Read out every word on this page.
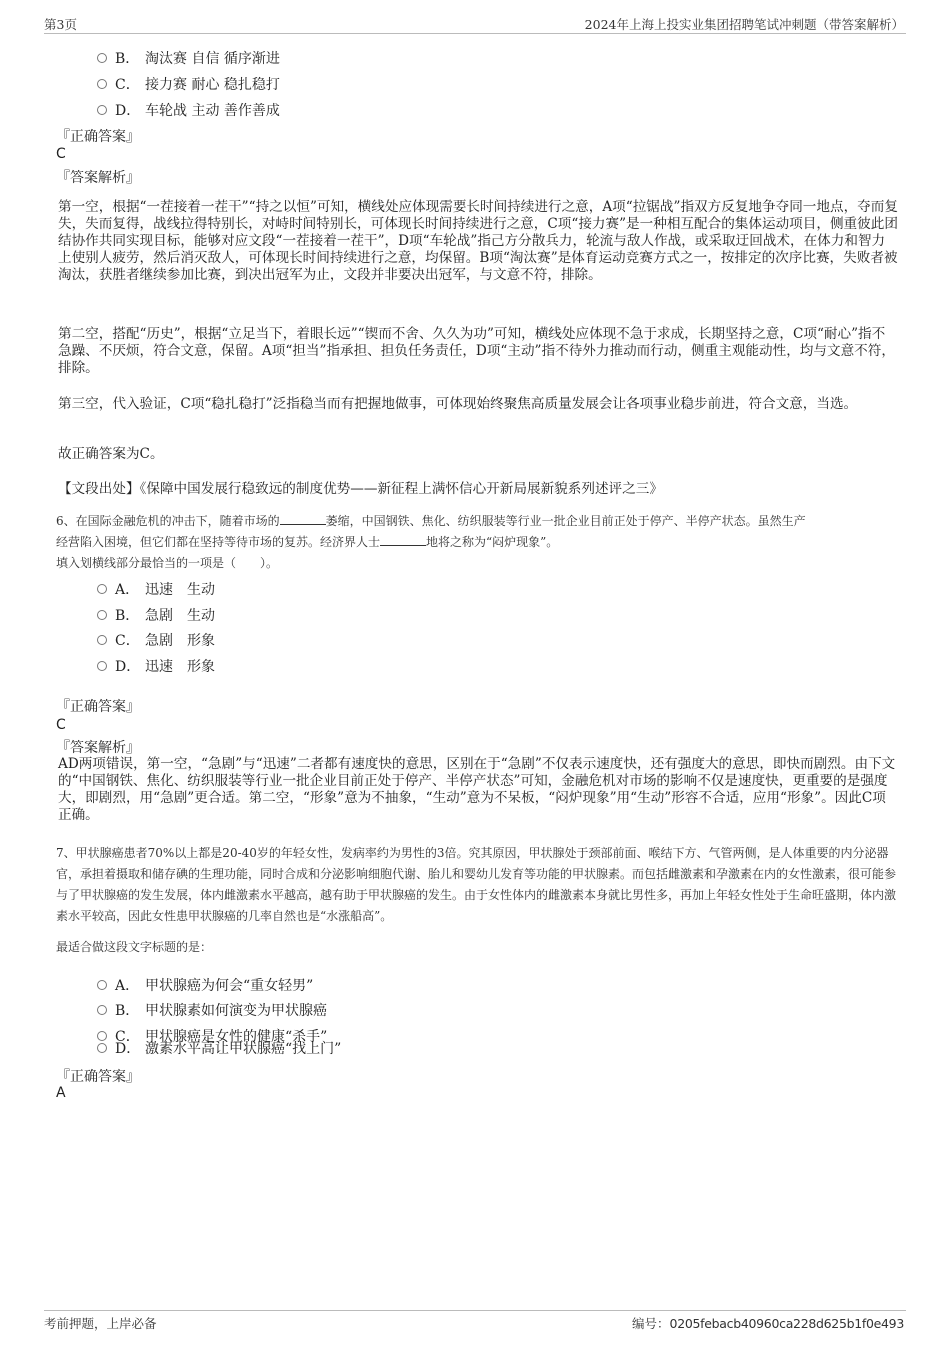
第3页	2024年上海上投实业集团招聘笔试冲刺题（带答案解析）
B． 淘汰赛 自信 循序渐进
C． 接力赛 耐心 稳扎稳打
D． 车轮战 主动 善作善成
『正确答案』
C
『答案解析』
第一空，根据“一茬接着一茬干”“持之以恒”可知，横线处应体现需要长时间持续进行之意，A项“拉锯战”指双方反复地争夺同一地点，夺而复失，失而复得，战线拉得特别长，对峙时间特别长，可体现长时间持续进行之意，C项“接力赛”是一种相互配合的集体运动项目，侧重彼此团结协作共同实现目标，能够对应文段“一茬接着一茬干”，D项“车轮战”指己方分散兵力，轮流与敌人作战，或采取迂回战术，在体力和智力上使别人疲劳，然后消灭敌人，可体现长时间持续进行之意，均保留。B项“淘汰赛”是体育运动竞赛方式之一，按排定的次序比赛，失败者被淘汰，获胜者继续参加比赛，到决出冠军为止，文段并非要决出冠军，与文意不符，排除。
第二空，搭配“历史”，根据“立足当下，着眼长远”“锲而不舍、久久为功”可知，横线处应体现不急于求成，长期坚持之意，C项“耐心”指不急躁、不厌烦，符合文意，保留。A项“担当”指承担、担负任务责任，D项“主动”指不待外力推动而行动，侧重主观能动性，均与文意不符，排除。
第三空，代入验证，C项“稳扎稳打”泛指稳当而有把握地做事，可体现始终聚焦高质量发展会让各项事业稳步前进，符合文意，当选。
故正确答案为C。
【文段出处】《保障中国发展行稳致远的制度优势——新征程上满怀信心开新局展新貌系列述评之三》
6、在国际金融危机的冲击下，随着市场的	萎缩，中国钢铁、焦化、纺织服装等行业一批企业目前正处于停产、半停产状态。虽然生产
经营陷入困境，但它们都在坚持等待市场的复苏。经济界人士	地将之称为“闷炉现象”。
填入划横线部分最恰当的一项是（　　）。
A． 迅速　生动
B． 急剧　生动
C． 急剧　形象
D． 迅速　形象
『正确答案』
C
『答案解析』
AD两项错误，第一空，“急剧”与“迅速”二者都有速度快的意思，区别在于“急剧”不仅表示速度快，还有强度大的意思，即快而剧烈。由下文的“中国钢铁、焦化、纺织服装等行业一批企业目前正处于停产、半停产状态”可知，金融危机对市场的影响不仅是速度快，更重要的是强度大，即剧烈，用“急剧”更合适。第二空，“形象”意为不抽象，“生动”意为不呆板，“闷炉现象”用“生动”形容不合适，应用“形象”。因此C项正确。
7、甲状腺癌患者70%以上都是20-40岁的年轻女性，发病率约为男性的3倍。究其原因，甲状腺处于颈部前面、喉结下方、气管两侧，是人体重要的内分泌器官，承担着摄取和储存碘的生理功能，同时合成和分泌影响细胞代谢、胎儿和婴幼儿发育等功能的甲状腺素。而包括雌激素和孕激素在内的女性激素，很可能参与了甲状腺癌的发生发展，体内雌激素水平越高，越有助于甲状腺癌的发生。由于女性体内的雌激素本身就比男性多，再加上年轻女性处于生命旺盛期，体内激素水平较高，因此女性患甲状腺癌的几率自然也是“水涨船高”。
最适合做这段文字标题的是：
A． 甲状腺癌为何会“重女轻男”
B． 甲状腺素如何演变为甲状腺癌
C． 甲状腺癌是女性的健康“杀手”
D． 激素水平高让甲状腺癌“找上门”
『正确答案』
A
考前押题，上岸必备	编号：0205febacb40960ca228d625b1f0e493
